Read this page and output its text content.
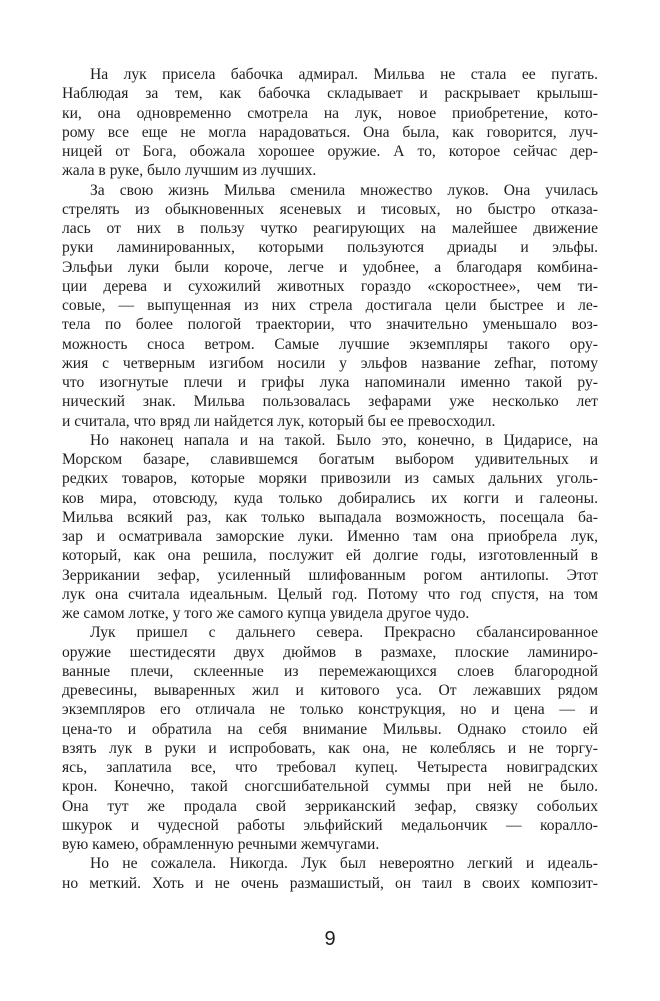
На лук присела бабочка адмирал. Мильва не стала ее пугать.
Наблюдая за тем, как бабочка складывает и раскрывает крылыш-
ки, она одновременно смотрела на лук, новое приобретение, кото-
рому все еще не могла нарадоваться. Она была, как говорится, луч-
ницей от Бога, обожала хорошее оружие. А то, которое сейчас дер-
жала в руке, было лучшим из лучших.
За свою жизнь Мильва сменила множество луков. Она училась
стрелять из обыкновенных ясеневых и тисовых, но быстро отказа-
лась от них в пользу чутко реагирующих на малейшее движение
руки ламинированных, которыми пользуются дриады и эльфы.
Эльфьи луки были короче, легче и удобнее, а благодаря комбина-
ции дерева и сухожилий животных гораздо «скоростнее», чем ти-
совые, — выпущенная из них стрела достигала цели быстрее и ле-
тела по более пологой траектории, что значительно уменьшало воз-
можность сноса ветром. Самые лучшие экземпляры такого ору-
жия с четверным изгибом носили у эльфов название zefhar, потому
что изогнутые плечи и грифы лука напоминали именно такой ру-
нический знак. Мильва пользовалась зефарами уже несколько лет
и считала, что вряд ли найдется лук, который бы ее превосходил.
Но наконец напала и на такой. Было это, конечно, в Цидарисе, на
Морском базаре, славившемся богатым выбором удивительных и
редких товаров, которые моряки привозили из самых дальних уголь-
ков мира, отовсюду, куда только добирались их когги и галеоны.
Мильва всякий раз, как только выпадала возможность, посещала ба-
зар и осматривала заморские луки. Именно там она приобрела лук,
который, как она решила, послужит ей долгие годы, изготовленный в
Зеррикании зефар, усиленный шлифованным рогом антилопы. Этот
лук она считала идеальным. Целый год. Потому что год спустя, на том
же самом лотке, у того же самого купца увидела другое чудо.
Лук пришел с дальнего севера. Прекрасно сбалансированное
оружие шестидесяти двух дюймов в размахе, плоские ламиниро-
ванные плечи, склеенные из перемежающихся слоев благородной
древесины, вываренных жил и китового уса. От лежавших рядом
экземпляров его отличала не только конструкция, но и цена — и
цена-то и обратила на себя внимание Мильвы. Однако стоило ей
взять лук в руки и испробовать, как она, не колеблясь и не торгу-
ясь, заплатила все, что требовал купец. Четыреста новиградских
крон. Конечно, такой сногсшибательной суммы при ней не было.
Она тут же продала свой зерриканский зефар, связку собольих
шкурок и чудесной работы эльфийский медальончик — коралло-
вую камею, обрамленную речными жемчугами.
Но не сожалела. Никогда. Лук был невероятно легкий и идеаль-
но меткий. Хоть и не очень размашистый, он таил в своих композит-
9
